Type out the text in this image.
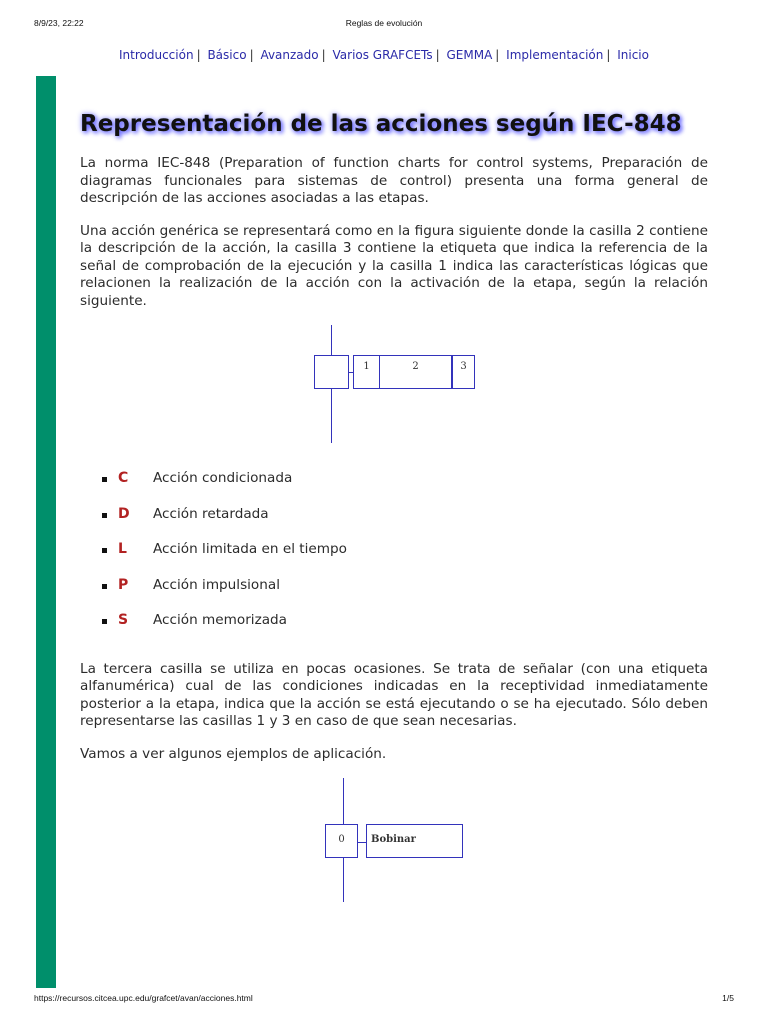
8/9/23, 22:22	Reglas de evolución
Introducción | Básico | Avanzado | Varios GRAFCETs | GEMMA | Implementación | Inicio
Representación de las acciones según IEC-848

La norma IEC-848 (Preparation of function charts for control systems, Preparación de diagramas funcionales para sistemas de control) presenta una forma general de descripción de las acciones asociadas a las etapas.

Una acción genérica se representará como en la figura siguiente donde la casilla 2 contiene la descripción de la acción, la casilla 3 contiene la etiqueta que indica la referencia de la señal de comprobación de la ejecución y la casilla 1 indica las características lógicas que relacionen la realización de la acción con la activación de la etapa, según la relación siguiente.

1	2	3
C Acción condicionada
D Acción retardada
L Acción limitada en el tiempo
P Acción impulsional
S Acción memorizada

La tercera casilla se utiliza en pocas ocasiones. Se trata de señalar (con una etiqueta alfanumérica) cual de las condiciones indicadas en la receptividad inmediatamente posterior a la etapa, indica que la acción se está ejecutando o se ha ejecutado. Sólo deben representarse las casillas 1 y 3 en caso de que sean necesarias.

Vamos a ver algunos ejemplos de aplicación.

0	Bobinar
https://recursos.citcea.upc.edu/grafcet/avan/acciones.html	1/5
